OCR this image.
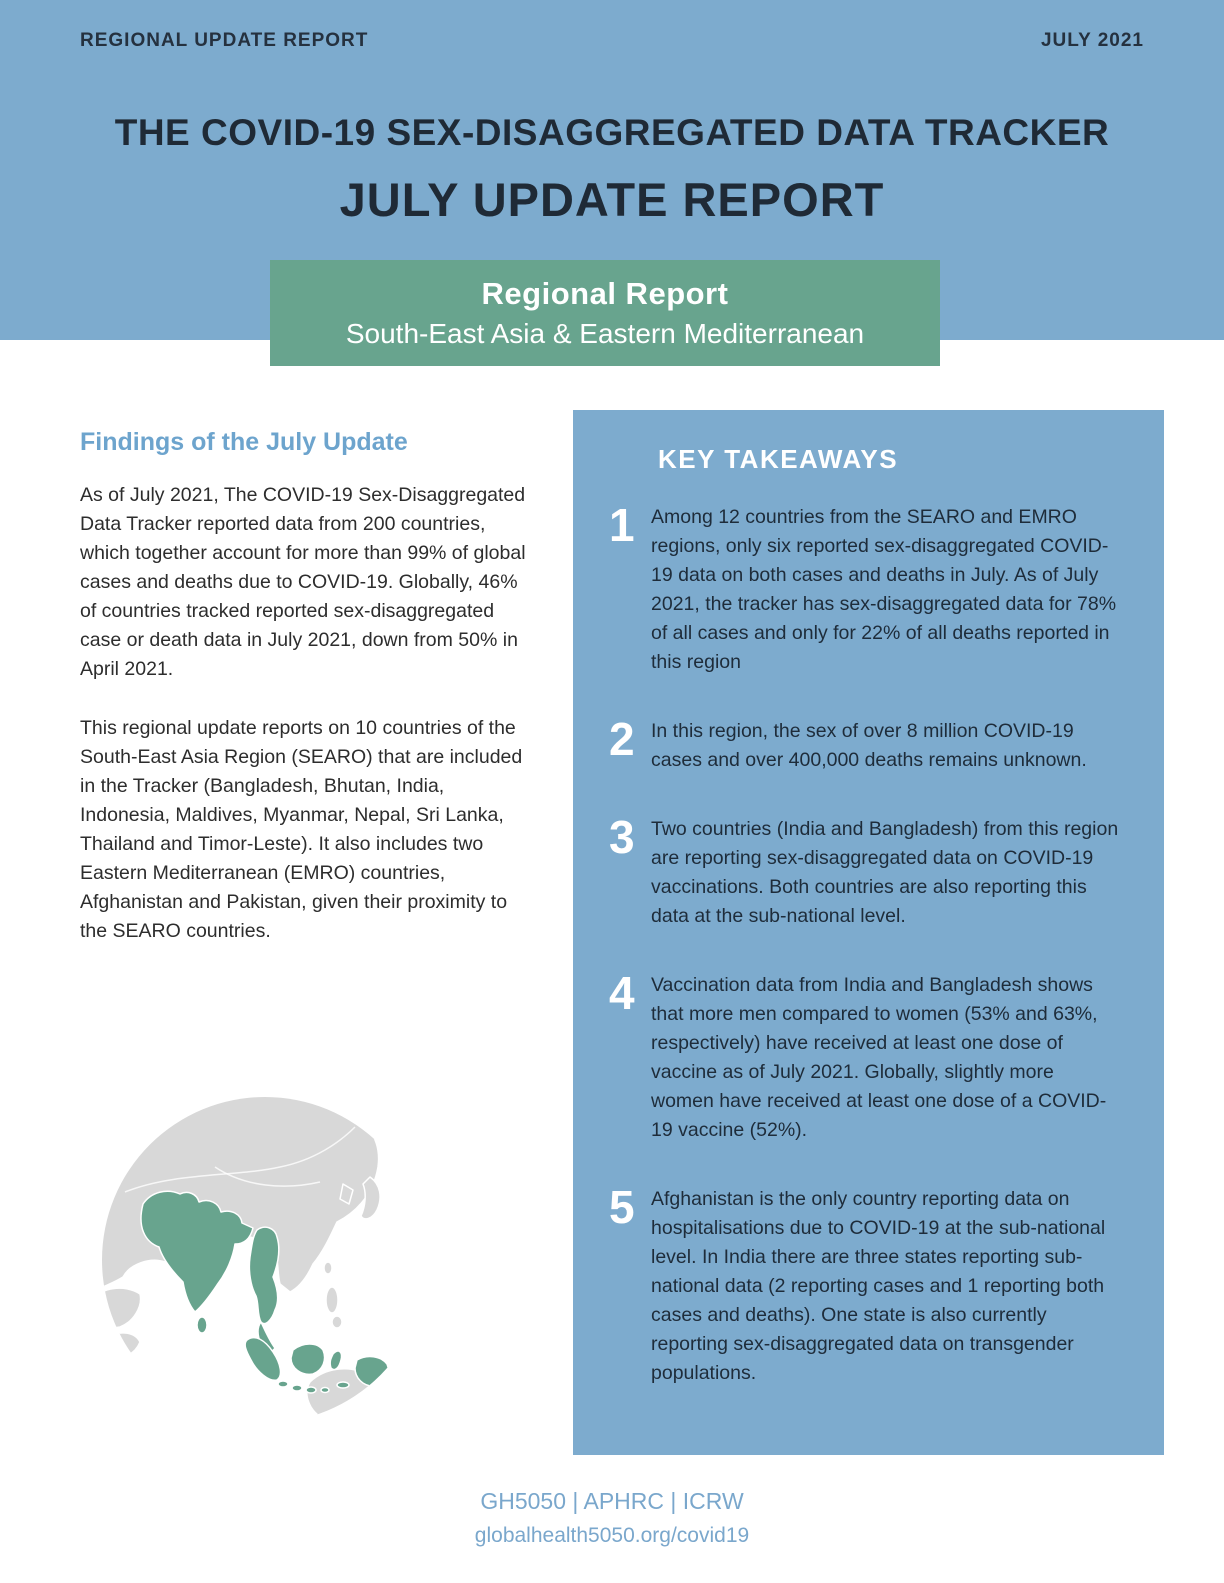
REGIONAL UPDATE REPORT	JULY 2021
THE COVID-19 SEX-DISAGGREGATED DATA TRACKER
JULY UPDATE REPORT
Regional Report
South-East Asia & Eastern Mediterranean
Findings of the July Update

As of July 2021, The COVID-19 Sex-Disaggregated Data Tracker reported data from 200 countries, which together account for more than 99% of global cases and deaths due to COVID-19. Globally, 46% of countries tracked reported sex-disaggregated case or death data in July 2021, down from 50% in April 2021.

This regional update reports on 10 countries of the South-East Asia Region (SEARO) that are included in the Tracker (Bangladesh, Bhutan, India, Indonesia, Maldives, Myanmar, Nepal, Sri Lanka, Thailand and Timor-Leste). It also includes two Eastern Mediterranean (EMRO) countries, Afghanistan and Pakistan, given their proximity to the SEARO countries.

KEY TAKEAWAYS
1 Among 12 countries from the SEARO and EMRO regions, only six reported sex-disaggregated COVID-19 data on both cases and deaths in July. As of July 2021, the tracker has sex-disaggregated data for 78% of all cases and only for 22% of all deaths reported in this region
2 In this region, the sex of over 8 million COVID-19 cases and over 400,000 deaths remains unknown.
3 Two countries (India and Bangladesh) from this region are reporting sex-disaggregated data on COVID-19 vaccinations. Both countries are also reporting this data at the sub-national level.
4 Vaccination data from India and Bangladesh shows that more men compared to women (53% and 63%, respectively) have received at least one dose of vaccine as of July 2021. Globally, slightly more women have received at least one dose of a COVID-19 vaccine (52%).
5 Afghanistan is the only country reporting data on hospitalisations due to COVID-19 at the sub-national level. In India there are three states reporting sub-national data (2 reporting cases and 1 reporting both cases and deaths). One state is also currently reporting sex-disaggregated data on transgender populations.
GH5050 | APHRC | ICRW
globalhealth5050.org/covid19
